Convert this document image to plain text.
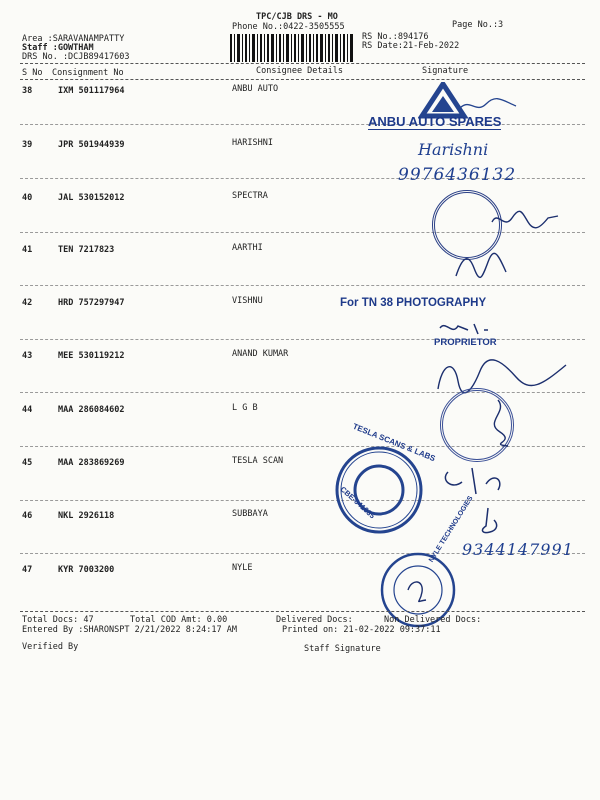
TPC/CJB DRS - MO
Phone No.:0422-3505555	Page No.:3
Area :SARAVANAMPATTY
Staff :GOWTHAM
DRS No. :DCJB89417603
RS No.:894176
RS Date:21-Feb-2022
S No Consignment No	Consignee Details	Signature
38	IXM 501117964	ANBU AUTO
39	JPR 501944939	HARISHNI
40	JAL 530152012	SPECTRA
41	TEN 7217823	AARTHI
42	HRD 757297947	VISHNU
43	MEE 530119212	ANAND KUMAR
44	MAA 286084602	L G B
45	MAA 283869269	TESLA SCAN
46	NKL 2926118	SUBBAYA
47	KYR 7003200	NYLE
ANBU AUTO SPARES
Harishni
9976436132
For TN 38 PHOTOGRAPHY
PROPRIETOR
TESLA SCANS & LABS
CBE-641035
9344147991
NYLE TECHNOLOGIES
Total Docs: 47	Total COD Amt: 0.00	Delivered Docs:	Non Delivered Docs:
Entered By :SHARONSPT 2/21/2022 8:24:17 AM	Printed on: 21-02-2022 09:37:11
Verified By	Staff Signature
